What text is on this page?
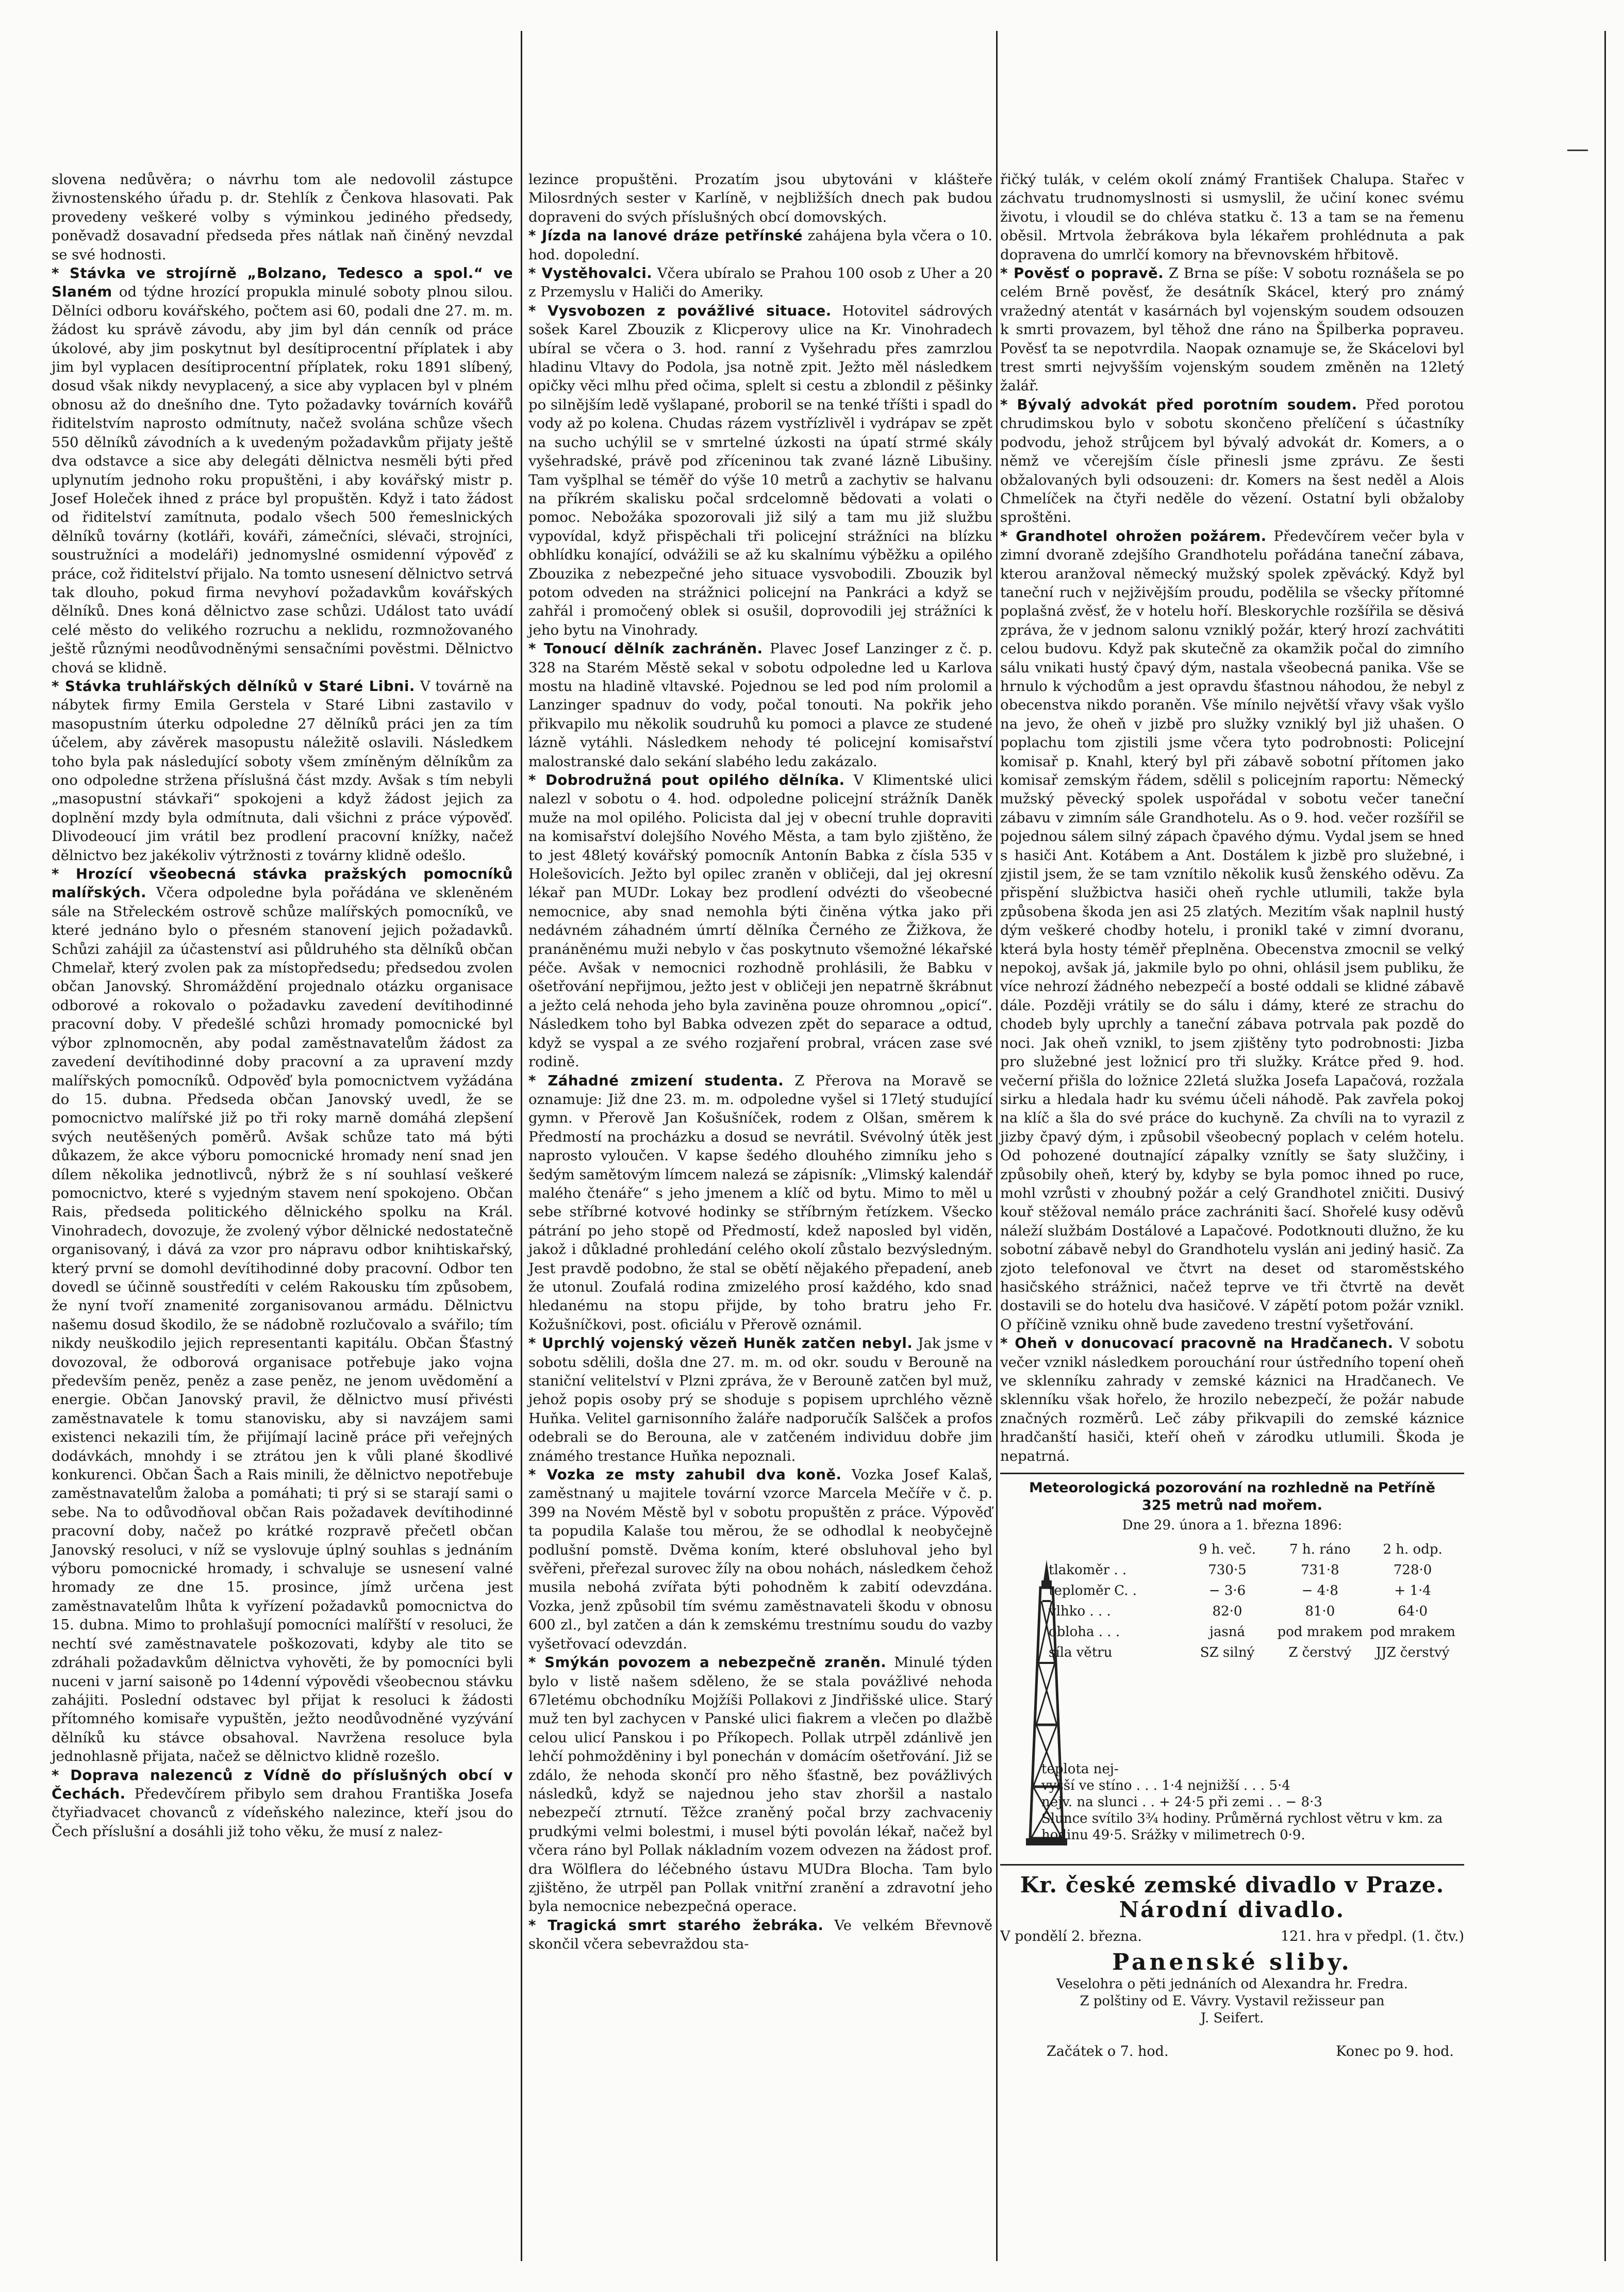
slovena nedůvěra; o návrhu tom ale nedovolil zástupce živnostenského úřadu p. dr. Stehlík z Čenkova hlasovati. Pak provedeny veškeré volby s výminkou jediného předsedy, poněvadž dosavadní předseda přes nátlak naň činěný nevzdal se své hodnosti.

* Stávka ve strojírně „Bolzano, Tedesco a spol.“ ve Slaném od týdne hrozící propukla minulé soboty plnou silou. Dělníci odboru kovářského, počtem asi 60, podali dne 27. m. m. žádost ku správě závodu, aby jim byl dán cenník od práce úkolové, aby jim poskytnut byl desítiprocentní příplatek i aby jim byl vyplacen desítiprocentní příplatek, roku 1891 slíbený, dosud však nikdy nevyplacený, a sice aby vyplacen byl v plném obnosu až do dnešního dne. Tyto požadavky továrních kovářů řiditelstvím naprosto odmítnuty, načež svolána schůze všech 550 dělníků závodních a k uvedeným požadavkům přijaty ještě dva odstavce a sice aby delegáti dělnictva nesměli býti před uplynutím jednoho roku propuštěni, i aby kovářský mistr p. Josef Holeček ihned z práce byl propuštěn. Když i tato žádost od řiditelství zamítnuta, podalo všech 500 řemeslnických dělníků továrny (kotláři, kováři, zámečníci, slévači, strojníci, soustružníci a modeláři) jednomyslné osmidenní výpověď z práce, což řiditelství přijalo. Na tomto usnesení dělnictvo setrvá tak dlouho, pokud firma nevyhoví požadavkům kovářských dělníků. Dnes koná dělnictvo zase schůzi. Událost tato uvádí celé město do velikého rozruchu a neklidu, rozmnožovaného ještě různými neodůvodněnými sensačními pověstmi. Dělnictvo chová se klidně.

* Stávka truhlářských dělníků v Staré Libni. V továrně na nábytek firmy Emila Gerstela v Staré Libni zastavilo v masopustním úterku odpoledne 27 dělníků práci jen za tím účelem, aby závěrek masopustu náležitě oslavili. Následkem toho byla pak následující soboty všem zmíněným dělníkům za ono odpoledne stržena příslušná část mzdy. Avšak s tím nebyli „masopustní stávkaři“ spokojeni a když žádost jejich za doplnění mzdy byla odmítnuta, dali všichni z práce výpověď. Dlivodeoucí jim vrátil bez prodlení pracovní knížky, načež dělnictvo bez jakékoliv výtržnosti z továrny klidně odešlo.

* Hrozící všeobecná stávka pražských pomocníků malířských. Včera odpoledne byla pořádána ve skleněném sále na Střeleckém ostrově schůze malířských pomocníků, ve které jednáno bylo o přesném stanovení jejich požadavků. Schůzi zahájil za účastenství asi půldruhého sta dělníků občan Chmelař, který zvolen pak za místopředsedu; předsedou zvolen občan Janovský. Shromáždění projednalo otázku organisace odborové a rokovalo o požadavku zavedení devítihodinné pracovní doby. V předešlé schůzi hromady pomocnické byl výbor zplnomocněn, aby podal zaměstnavatelům žádost za zavedení devítihodinné doby pracovní a za upravení mzdy malířských pomocníků. Odpověď byla pomocnictvem vyžádána do 15. dubna. Předseda občan Janovský uvedl, že se pomocnictvo malířské již po tři roky marně domáhá zlepšení svých neutěšených poměrů. Avšak schůze tato má býti důkazem, že akce výboru pomocnické hromady není snad jen dílem několika jednotlivců, nýbrž že s ní souhlasí veškeré pomocnictvo, které s vyjedným stavem není spokojeno. Občan Rais, předseda politického dělnického spolku na Král. Vinohradech, dovozuje, že zvolený výbor dělnické nedostatečně organisovaný, i dává za vzor pro nápravu odbor knihtiskařský, který první se domohl devítihodinné doby pracovní. Odbor ten dovedl se účinně soustředíti v celém Rakousku tím způsobem, že nyní tvoří znamenité zorganisovanou armádu. Dělnictvu našemu dosud škodilo, že se nádobně rozlučovalo a svářilo; tím nikdy neuškodilo jejich representanti kapitálu. Občan Šťastný dovozoval, že odborová organisace potřebuje jako vojna především peněz, peněz a zase peněz, ne jenom uvědomění a energie. Občan Janovský pravil, že dělnictvo musí přivésti zaměstnavatele k tomu stanovisku, aby si navzájem sami existenci nekazili tím, že přijímají lacině práce při veřejných dodávkách, mnohdy i se ztrátou jen k vůli plané škodlivé konkurenci. Občan Šach a Rais minili, že dělnictvo nepotřebuje zaměstnavatelům žaloba a pomáhati; ti prý si se starají sami o sebe. Na to odůvodňoval občan Rais požadavek devítihodinné pracovní doby, načež po krátké rozpravě přečetl občan Janovský resoluci, v níž se vyslovuje úplný souhlas s jednáním výboru pomocnické hromady, i schvaluje se usnesení valné hromady ze dne 15. prosince, jímž určena jest zaměstnavatelům lhůta k vyřízení požadavků pomocnictva do 15. dubna. Mimo to prohlašují pomocníci malířští v resoluci, že nechtí své zaměstnavatele poškozovati, kdyby ale tito se zdráhali požadavkům dělnictva vyhověti, že by pomocníci byli nuceni v jarní saisoně po 14denní výpovědi všeobecnou stávku zahájiti. Poslední odstavec byl přijat k resoluci k žádosti přítomného komisaře vypuštěn, ježto neodůvodněné vyzývání dělníků ku stávce obsahoval. Navržena resoluce byla jednohlasně přijata, načež se dělnictvo klidně rozešlo.

* Doprava nalezenců z Vídně do příslušných obcí v Čechách. Předevčírem přibylo sem drahou Františka Josefa čtyřiadvacet chovanců z vídeňského nalezince, kteří jsou do Čech příslušní a dosáhli již toho věku, že musí z nalez-

lezince propuštěni. Prozatím jsou ubytováni v klášteře Milosrdných sester v Karlíně, v nejbližších dnech pak budou dopraveni do svých příslušných obcí domovských.

* Jízda na lanové dráze petřínské zahájena byla včera o 10. hod. dopolední.

* Vystěhovalci. Včera ubíralo se Prahou 100 osob z Uher a 20 z Przemyslu v Haliči do Ameriky.

* Vysvobozen z povážlivé situace. Hotovitel sádrových sošek Karel Zbouzik z Klicperovy ulice na Kr. Vinohradech ubíral se včera o 3. hod. ranní z Vyšehradu přes zamrzlou hladinu Vltavy do Podola, jsa notně zpit. Ježto měl následkem opičky věci mlhu před očima, splelt si cestu a zblondil z pěšinky po silnějším ledě vyšlapané, proboril se na tenké tříšti i spadl do vody až po kolena. Chudas rázem vystřízlivěl i vydrápav se zpět na sucho uchýlil se v smrtelné úzkosti na úpatí strmé skály vyšehradské, právě pod zříceninou tak zvané lázně Libušiny. Tam vyšplhal se téměř do výše 10 metrů a zachytiv se halvanu na příkrém skalisku počal srdcelomně bědovati a volati o pomoc. Nebožáka spozorovali již silý a tam mu již službu vypovídal, když přispěchali tři policejní strážníci na blízku obhlídku konající, odvážili se až ku skalnímu výběžku a opilého Zbouzika z nebezpečné jeho situace vysvobodili. Zbouzik byl potom odveden na strážnici policejní na Pankráci a když se zahřál i promočený oblek si osušil, doprovodili jej strážníci k jeho bytu na Vinohrady.

* Tonoucí dělník zachráněn. Plavec Josef Lanzinger z č. p. 328 na Starém Městě sekal v sobotu odpoledne led u Karlova mostu na hladině vltavské. Pojednou se led pod ním prolomil a Lanzinger spadnuv do vody, počal tonouti. Na pokřik jeho přikvapilo mu několik soudruhů ku pomoci a plavce ze studené lázně vytáhli. Následkem nehody té policejní komisařství malostranské dalo sekání slabého ledu zakázalo.

* Dobrodružná pout opilého dělníka. V Klimentské ulici nalezl v sobotu o 4. hod. odpoledne policejní strážník Daněk muže na mol opilého. Policista dal jej v obecní truhle dopraviti na komisařství dolejšího Nového Města, a tam bylo zjištěno, že to jest 48letý kovářský pomocník Antonín Babka z čísla 535 v Holešovicích. Ježto byl opilec zraněn v obličeji, dal jej okresní lékař pan MUDr. Lokay bez prodlení odvézti do všeobecné nemocnice, aby snad nemohla býti činěna výtka jako při nedávném záhadném úmrtí dělníka Černého ze Žižkova, že pranáněnému muži nebylo v čas poskytnuto všemožné lékařské péče. Avšak v nemocnici rozhodně prohlásili, že Babku v ošetřování nepřijmou, ježto jest v obličeji jen nepatrně škrábnut a ježto celá nehoda jeho byla zaviněna pouze ohromnou „opicí“. Následkem toho byl Babka odvezen zpět do separace a odtud, když se vyspal a ze svého rozjaření probral, vrácen zase své rodině.

* Záhadné zmizení studenta. Z Přerova na Moravě se oznamuje: Již dne 23. m. m. odpoledne vyšel si 17letý studující gymn. v Přerově Jan Košušníček, rodem z Olšan, směrem k Předmostí na procházku a dosud se nevrátil. Svévolný útěk jest naprosto vyloučen. V kapse šedého dlouhého zimníku jeho s šedým samětovým límcem nalezá se zápisník: „Vlimský kalendář malého čtenáře“ s jeho jmenem a klíč od bytu. Mimo to měl u sebe stříbrné kotvové hodinky se stříbrným řetízkem. Všecko pátrání po jeho stopě od Předmostí, kdež naposled byl viděn, jakož i důkladné prohledání celého okolí zůstalo bezvýsledným. Jest pravdě podobno, že stal se obětí nějakého přepadení, aneb že utonul. Zoufalá rodina zmizelého prosí každého, kdo snad hledanému na stopu přijde, by toho bratru jeho Fr. Kožušníčkovi, post. oficiálu v Přerově oznámil.

* Uprchlý vojenský vězeň Huněk zatčen nebyl. Jak jsme v sobotu sdělili, došla dne 27. m. m. od okr. soudu v Berouně na staniční velitelství v Plzni zpráva, že v Berouně zatčen byl muž, jehož popis osoby prý se shoduje s popisem uprchlého vězně Huňka. Velitel garnisonního žaláře nadporučík Salšček a profos odebrali se do Berouna, ale v zatčeném individuu dobře jim známého trestance Huňka nepoznali.

* Vozka ze msty zahubil dva koně. Vozka Josef Kalaš, zaměstnaný u majitele tovární vzorce Marcela Mečíře v č. p. 399 na Novém Městě byl v sobotu propuštěn z práce. Výpověď ta popudila Kalaše tou měrou, že se odhodlal k neobyčejně podlušní pomstě. Dvěma koním, které obsluhoval jeho byl svěřeni, přeřezal surovec žíly na obou nohách, následkem čehož musila nebohá zvířata býti pohodněm k zabití odevzdána. Vozka, jenž způsobil tím svému zaměstnavateli škodu v obnosu 600 zl., byl zatčen a dán k zemskému trestnímu soudu do vazby vyšetřovací odevzdán.

* Smýkán povozem a nebezpečně zraněn. Minulé týden bylo v listě našem sděleno, že se stala povážlivé nehoda 67letému obchodníku Mojžíši Pollakovi z Jindřišské ulice. Starý muž ten byl zachycen v Panské ulici fiakrem a vlečen po dlažbě celou ulicí Panskou i po Příkopech. Pollak utrpěl zdánlivě jen lehčí pohmožděniny i byl ponechán v domácím ošetřování. Již se zdálo, že nehoda skončí pro něho šťastně, bez povážlivých následků, když se najednou jeho stav zhoršil a nastalo nebezpečí ztrnutí. Těžce zraněný počal brzy zachvaceniу prudkými velmi bolestmi, i musel býti povolán lékař, načež byl včera ráno byl Pollak nákladním vozem odvezen na žádost prof. dra Wölflera do léčebného ústavu MUDra Blocha. Tam bylo zjištěno, že utrpěl pan Pollak vnitřní zranění a zdravotní jeho byla nemocnice nebezpečná operace.

* Tragická smrt starého žebráka. Ve velkém Břevnově skončil včera sebevraždou sta-

řičký tulák, v celém okolí známý František Chalupa. Stařec v záchvatu trudnomyslnosti si usmyslil, že učiní konec svému životu, i vloudil se do chléva statku č. 13 a tam se na řemenu oběsil. Mrtvola žebrákova byla lékařem prohlédnuta a pak dopravena do umrlčí komory na břevnovském hřbitově.

* Pověsť o popravě. Z Brna se píše: V sobotu roznášela se po celém Brně pověsť, že desátník Skácel, který pro známý vražedný atentát v kasárnách byl vojenským soudem odsouzen k smrti provazem, byl těhož dne ráno na Špilberka popraveu. Pověsť ta se nepotvrdila. Naopak oznamuje se, že Skácelovi byl trest smrti nejvyšším vojenským soudem změněn na 12letý žalář.

* Bývalý advokát před porotním soudem. Před porotou chrudimskou bylo v sobotu skončeno přelíčení s účastníky podvodu, jehož strůjcem byl bývalý advokát dr. Komers, a o němž ve včerejším čísle přinesli jsme zprávu. Ze šesti obžalovaných byli odsouzeni: dr. Komers na šest neděl a Alois Chmelíček na čtyři neděle do vězení. Ostatní byli obžaloby sproštěni.

* Grandhotel ohrožen požárem. Předevčírem večer byla v zimní dvoraně zdejšího Grandhotelu pořádána taneční zábava, kterou aranžoval německý mužský spolek zpěvácký. Když byl taneční ruch v nejživějším proudu, podělila se všecky přítomné poplašná zvěsť, že v hotelu hoří. Bleskorychle rozšířila se děsivá zpráva, že v jednom salonu vzniklý požár, který hrozí zachvátiti celou budovu. Když pak skutečně za okamžik počal do zimního sálu vnikati hustý čpavý dým, nastala všeobecná panika. Vše se hrnulo k východům a jest opravdu šťastnou náhodou, že nebyl z obecenstva nikdo poraněn. Vše mínilo největší vřavy však vyšlo na jevo, že oheň v jizbě pro služky vzniklý byl již uhašen. O poplachu tom zjistili jsme včera tyto podrobnosti: Policejní komisař p. Knahl, který byl při zábavě sobotní přítomen jako komisař zemským řádem, sdělil s policejním raportu: Německý mužský pěvecký spolek uspořádal v sobotu večer taneční zábavu v zimním sále Grandhotelu. As o 9. hod. večer rozšířil se pojednou sálem silný zápach čpavého dýmu. Vydal jsem se hned s hasiči Ant. Kotábem a Ant. Dostálem k jizbě pro služebné, i zjistil jsem, že se tam vznítilo několik kusů ženského oděvu. Za přispění službictva hasiči oheň rychle utlumili, takže byla způsobena škoda jen asi 25 zlatých. Mezitím však naplnil hustý dým veškeré chodby hotelu, i pronikl také v zimní dvoranu, která byla hosty téměř přeplněna. Obecenstva zmocnil se velký nepokoj, avšak já, jakmile bylo po ohni, ohlásil jsem publiku, že více nehrozí žádného nebezpečí a bosté oddali se klidné zábavě dále. Později vrátily se do sálu i dámy, které ze strachu do chodeb byly uprchly a taneční zábava potrvala pak pozdě do noci. Jak oheň vznikl, to jsem zjištěny tyto podrobnosti: Jizba pro služebné jest ložnicí pro tři služky. Krátce před 9. hod. večerní přišla do ložnice 22letá služka Josefa Lapačová, rozžala sirku a hledala hadr ku svému účeli náhodě. Pak zavřela pokoj na klíč a šla do své práce do kuchyně. Za chvíli na to vyrazil z jizby čpavý dým, i způsobil všeobecný poplach v celém hotelu. Od pohozené doutnající zápalky vznítly se šaty služčiny, i způsobily oheň, který by, kdyby se byla pomoc ihned po ruce, mohl vzrůsti v zhoubný požár a celý Grandhotel zničiti. Dusivý kouř stěžoval nemálo práce zachrániti šací. Shořelé kusy oděvů náleží službám Dostálové a Lapačové. Podotknouti dlužno, že ku sobotní zábavě nebyl do Grandhotelu vyslán ani jediný hasič. Za zjoto telefonoval ve čtvrt na deset od staroměstského hasičského strážnici, načež teprve ve tři čtvrtě na devět dostavili se do hotelu dva hasičové. V zápětí potom požár vznikl. O příčině vzniku ohně bude zavedeno trestní vyšetřování.

* Oheň v donucovací pracovně na Hradčanech. V sobotu večer vznikl následkem porouchání rour ústředního topení oheň ve sklenníku zahrady v zemské káznici na Hradčanech. Ve sklenníku však hořelo, že hrozilo nebezpečí, že požár nabude značných rozměrů. Leč záby přikvapili do zemské káznice hradčanští hasiči, kteří oheň v zárodku utlumili. Škoda je nepatrná.

Meteorologická pozorování na rozhledně na Petříně
325 metrů nad mořem.
Dne 29. února a 1. března 1896:
	9 h. več.	7 h. ráno	2 h. odp.
tlakoměr . .	730·5	731·8	728·0
teploměr C. .	− 3·6	− 4·8	+ 1·4
vlhko . . .	82·0	81·0	64·0
obloha . . .	jasná	pod mrakem	pod mrakem
síla větru	SZ silný	Z čerstvý	JJZ čerstvý
teplota nej-
vyšší ve stíno . . . 1·4 nejnižší . . . 5·4
nejv. na slunci . . + 24·5 při zemi . . − 8·3
Slunce svítilo 3¾ hodiny. Průměrná rychlost větru v km. za hodinu 49·5. Srážky v milimetrech 0·9.
Kr. české zemské divadlo v Praze.
Národní divadlo.
V pondělí 2. března.	121. hra v předpl. (1. čtv.)
Panenské sliby.
Veselohra o pěti jednáních od Alexandra hr. Fredra.
Z polštiny od E. Vávry. Vystavil režisseur pan
J. Seifert.
Začátek o 7. hod.	Konec po 9. hod.
